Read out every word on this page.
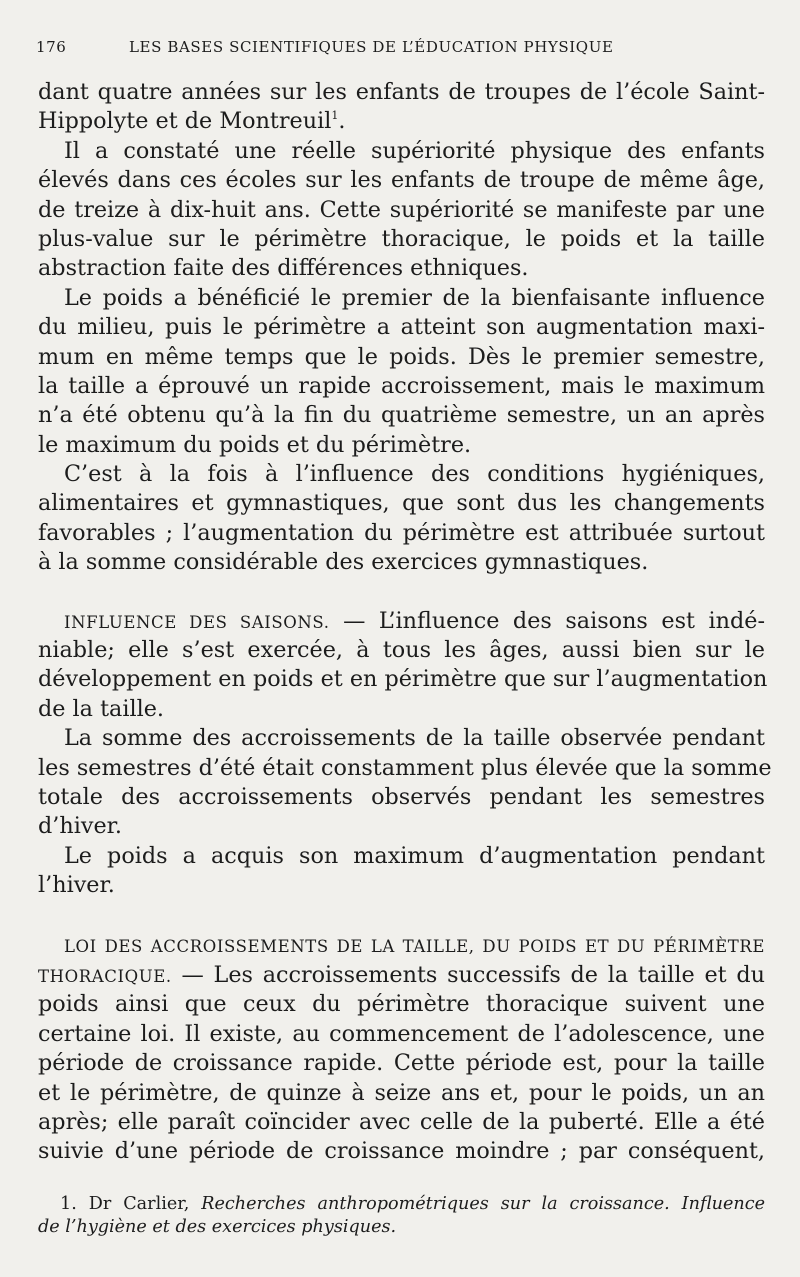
176	LES BASES SCIENTIFIQUES DE L’ÉDUCATION PHYSIQUE
dant quatre années sur les enfants de troupes de l’école Saint-
Hippolyte et de Montreuil$^1$.
Il a constaté une réelle supériorité physique des enfants
élevés dans ces écoles sur les enfants de troupe de même âge,
de treize à dix-huit ans. Cette supériorité se manifeste par une
plus-value sur le périmètre thoracique, le poids et la taille
abstraction faite des différences ethniques.
Le poids a bénéficié le premier de la bienfaisante influence
du milieu, puis le périmètre a atteint son augmentation maxi-
mum en même temps que le poids. Dès le premier semestre,
la taille a éprouvé un rapide accroissement, mais le maximum
n’a été obtenu qu’à la fin du quatrième semestre, un an après
le maximum du poids et du périmètre.
C’est à la fois à l’influence des conditions hygiéniques,
alimentaires et gymnastiques, que sont dus les changements
favorables ; l’augmentation du périmètre est attribuée surtout
à la somme considérable des exercices gymnastiques.
INFLUENCE DES SAISONS. — L’influence des saisons est indé-
niable; elle s’est exercée, à tous les âges, aussi bien sur le
développement en poids et en périmètre que sur l’augmentation
de la taille.
La somme des accroissements de la taille observée pendant
les semestres d’été était constamment plus élevée que la somme
totale des accroissements observés pendant les semestres
d’hiver.
Le poids a acquis son maximum d’augmentation pendant
l’hiver.
LOI DES ACCROISSEMENTS DE LA TAILLE, DU POIDS ET DU PÉRIMÈTRE
THORACIQUE. — Les accroissements successifs de la taille et du
poids ainsi que ceux du périmètre thoracique suivent une
certaine loi. Il existe, au commencement de l’adolescence, une
période de croissance rapide. Cette période est, pour la taille
et le périmètre, de quinze à seize ans et, pour le poids, un an
après; elle paraît coïncider avec celle de la puberté. Elle a été
suivie d’une période de croissance moindre ; par conséquent,
1. Dr Carlier, Recherches anthropométriques sur la croissance. Influence
de l’hygiène et des exercices physiques.
